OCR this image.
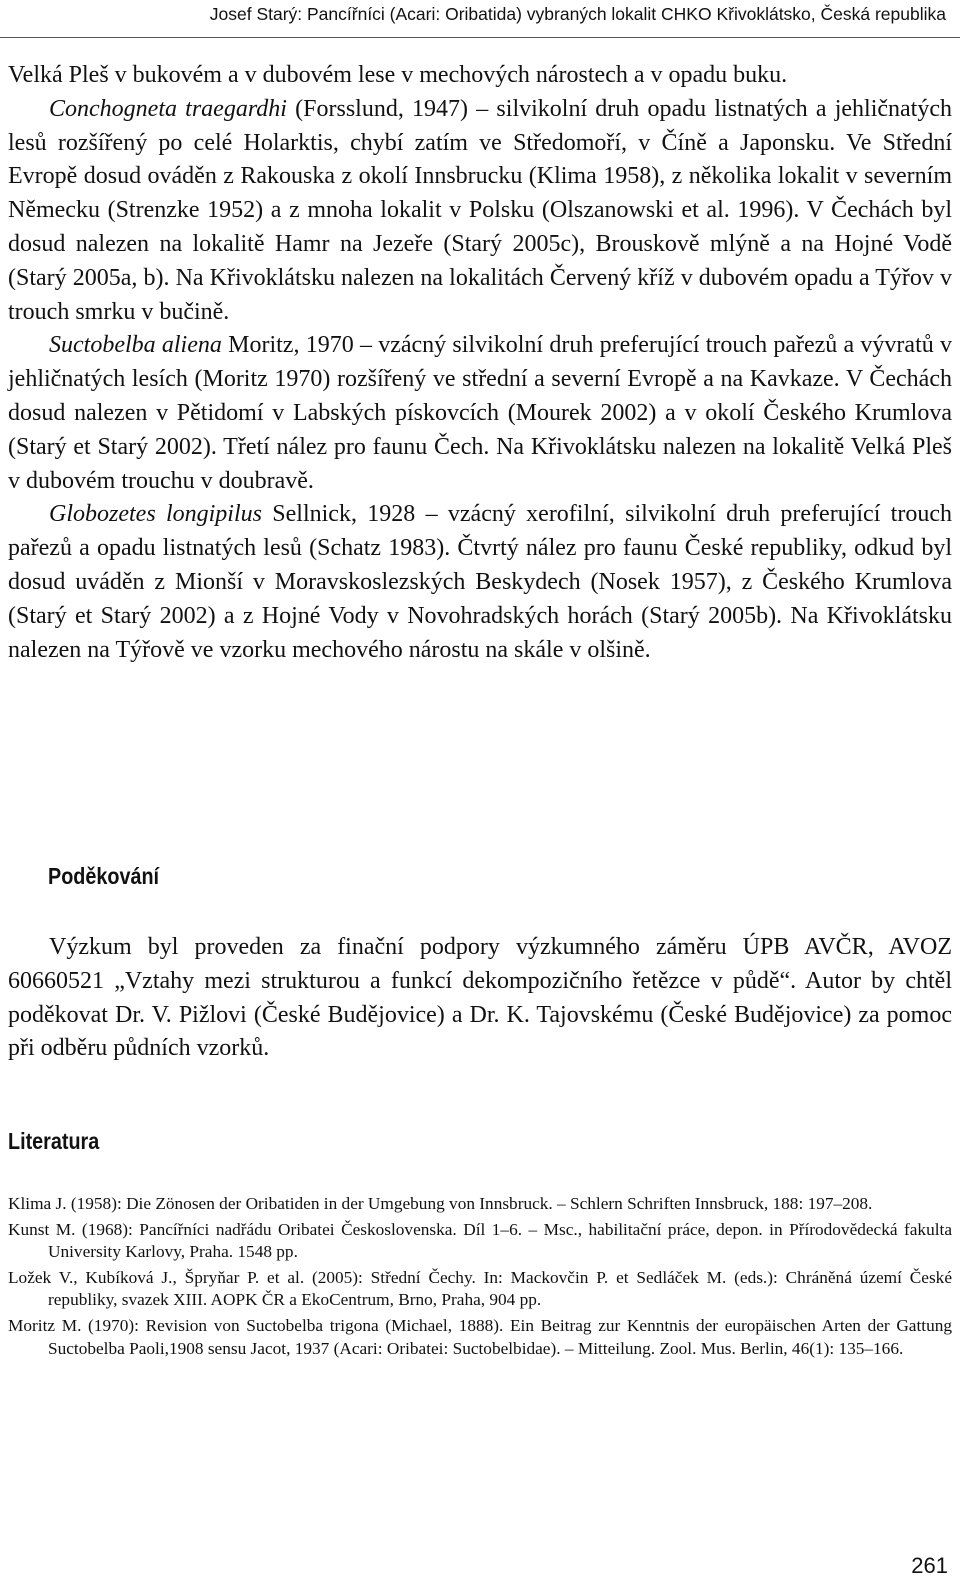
Josef Starý: Pancířníci (Acari: Oribatida) vybraných lokalit CHKO Křivoklátsko, Česká republika

Velká Pleš v bukovém a v dubovém lese v mechových nárostech a v opadu buku.

Conchogneta traegardhi (Forsslund, 1947) – silvikolní druh opadu listnatých a jehličnatých lesů rozšířený po celé Holarktis, chybí zatím ve Středomoří, v Číně a Japonsku. Ve Střední Evropě dosud ováděn z Rakouska z okolí Innsbrucku (Klima 1958), z několika lokalit v severním Německu (Strenzke 1952) a z mnoha lokalit v Polsku (Olszanowski et al. 1996). V Čechách byl dosud nalezen na lokalitě Hamr na Jezeře (Starý 2005c), Brouskově mlýně a na Hojné Vodě (Starý 2005a, b). Na Křivoklátsku nalezen na lokalitách Červený kříž v dubovém opadu a Týřov v trouch smrku v bučině.

Suctobelba aliena Moritz, 1970 – vzácný silvikolní druh preferující trouch pařezů a vývratů v jehličnatých lesích (Moritz 1970) rozšířený ve střední a severní Evropě a na Kavkaze. V Čechách dosud nalezen v Pětidomí v Labských pískovcích (Mourek 2002) a v okolí Českého Krumlova (Starý et Starý 2002). Třetí nález pro faunu Čech. Na Křivoklátsku nalezen na lokalitě Velká Pleš v dubovém trouchu v doubravě.

Globozetes longipilus Sellnick, 1928 – vzácný xerofilní, silvikolní druh preferující trouch pařezů a opadu listnatých lesů (Schatz 1983). Čtvrtý nález pro faunu České republiky, odkud byl dosud uváděn z Mionší v Moravskoslezských Beskydech (Nosek 1957), z Českého Krumlova (Starý et Starý 2002) a z Hojné Vody v Novohradských horách (Starý 2005b). Na Křivoklátsku nalezen na Týřově ve vzorku mechového nárostu na skále v olšině.

Poděkování

Výzkum byl proveden za finační podpory výzkumného záměru ÚPB AVČR, AVOZ 60660521 „Vztahy mezi strukturou a funkcí dekompozičního řetězce v půdě“. Autor by chtěl poděkovat Dr. V. Pižlovi (České Budějovice) a Dr. K. Tajovskému (České Budějovice) za pomoc při odběru půdních vzorků.

Literatura

Klima J. (1958): Die Zönosen der Oribatiden in der Umgebung von Innsbruck. – Schlern Schriften Innsbruck, 188: 197–208.

Kunst M. (1968): Pancířníci nadřádu Oribatei Československa. Díl 1–6. – Msc., habilitační práce, depon. in Přírodovědecká fakulta University Karlovy, Praha. 1548 pp.

Ložek V., Kubíková J., Špryňar P. et al. (2005): Střední Čechy. In: Mackovčin P. et Sedláček M. (eds.): Chráněná území České republiky, svazek XIII. AOPK ČR a EkoCentrum, Brno, Praha, 904 pp.

Moritz M. (1970): Revision von Suctobelba trigona (Michael, 1888). Ein Beitrag zur Kenntnis der europäischen Arten der Gattung Suctobelba Paoli,1908 sensu Jacot, 1937 (Acari: Oribatei: Suctobelbidae). – Mitteilung. Zool. Mus. Berlin, 46(1): 135–166.

261
